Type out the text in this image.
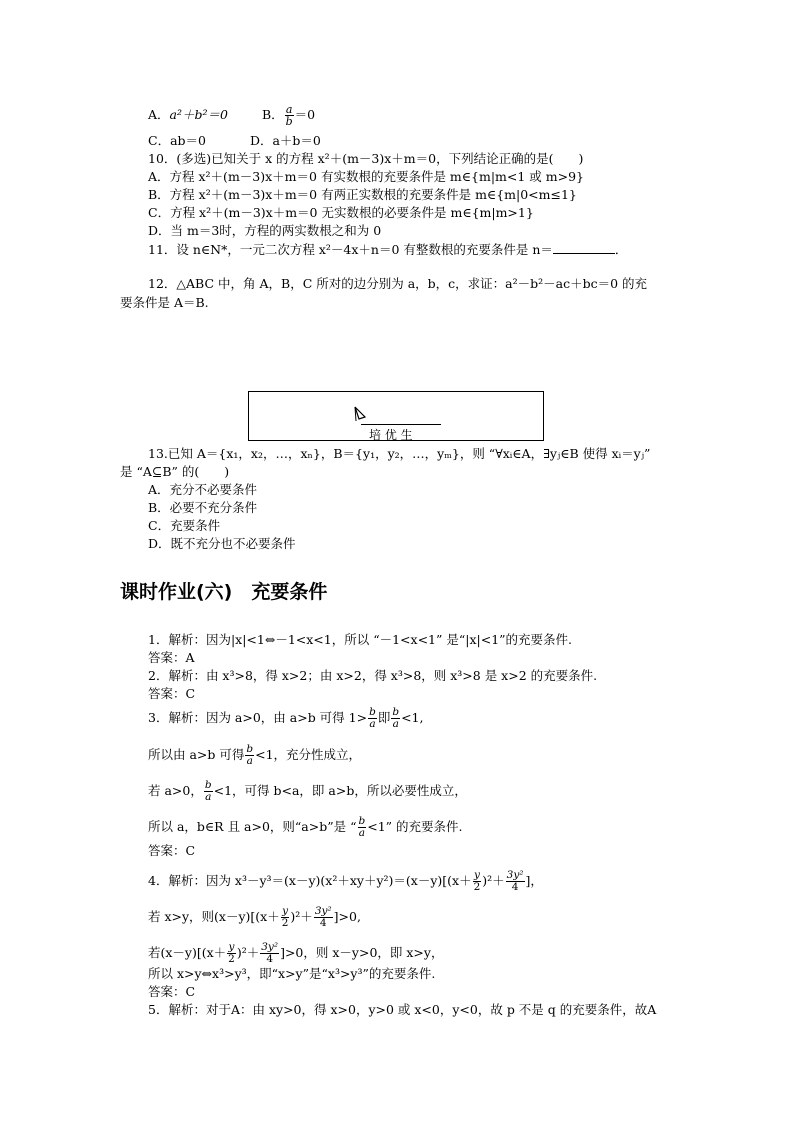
A．a²＋b²＝0	B． $\frac{a}{b} =0$
C．ab＝0	D．a＋b＝0
10．(多选)已知关于 x 的方程 x²＋(m－3)x＋m＝0，下列结论正确的是(　　)
A．方程 x²＋(m－3)x＋m＝0 有实数根的充要条件是 m∈{m|m<1 或 m>9}
B．方程 x²＋(m－3)x＋m＝0 有两正实数根的充要条件是 m∈{m|0<m≤1}
C．方程 x²＋(m－3)x＋m＝0 无实数根的必要条件是 m∈{m|m>1}
D．当 m＝3时，方程的两实数根之和为 0
11．设 n∈N*，一元二次方程 x²－4x＋n＝0 有整数根的充要条件是 n＝	．
12．△ABC 中，角 A，B，C 所对的边分别为 a，b，c，求证：a²－b²－ac＋bc＝0 的充
要条件是 A＝B.
培 优 生
13.已知 A＝{x₁，x₂，…，xₙ}，B＝{y₁，y₂，…，yₘ}，则 “∀xᵢ∈A，∃yⱼ∈B 使得 xᵢ＝yⱼ”
是 “A⊆B” 的(　　)
A．充分不必要条件
B．必要不充分条件
C．充要条件
D．既不充分也不必要条件
课时作业(六)　充要条件
1．解析：因为|x|<1⇔－1<x<1，所以 “－1<x<1” 是“|x|<1”的充要条件.
答案：A
2．解析：由 x³>8，得 x>2；由 x>2，得 x³>8，则 x³>8 是 x>2 的充要条件.
答案：C
3．解析：因为 a>0，由 a>b 可得 $1> \frac{b}{a}$ 即 $\frac{b}{a} <1$,
所以由 a>b 可得 $\frac{b}{a} <1$，充分性成立，
若 a>0， $\frac{b}{a} <1$，可得 b<a，即 a>b，所以必要性成立，
所以 a，b∈R 且 a>0，则“a>b”是 “ $\frac{b}{a} <1$” 的充要条件.
答案：C
4．解析：因为 $x^3-y^3=(x-y)(x^2+xy+y^2)=(x-y)[(x+ \frac{y}{2} )^2+ \frac{\text{3y²}}{4}$ ]，
若 x>y，则$(x-y)[(x+ \frac{y}{2} )^2+ \frac{\text{3y²}}{4} ]>0$,
若$(x-y)[(x+ \frac{y}{2} )^2+ \frac{\text{3y²}}{4} ]>0$，则 x－y>0，即 x>y，
所以 x>y⇔x³>y³，即“x>y”是“x³>y³”的充要条件.
答案：C
5．解析：对于A：由 xy>0，得 x>0，y>0 或 x<0，y<0，故 p 不是 q 的充要条件，故A
